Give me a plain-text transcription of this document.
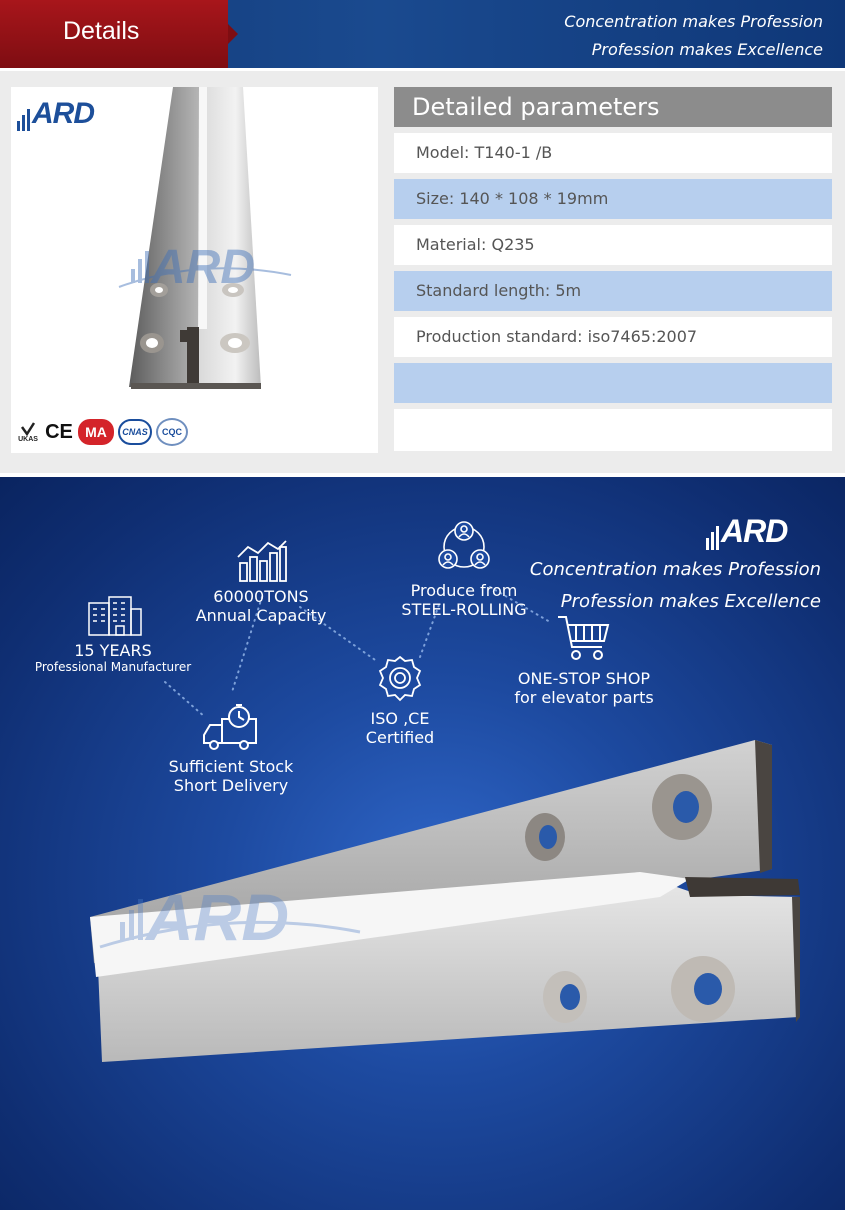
Details	Concentration makes Profession
Profession makes Excellence
ARD
ARD
UKAS CE MA	CNAS	CQC
Detailed parameters
Model: T140-1 /B
Size: 140 * 108 * 19mm
Material: Q235
Standard length: 5m
Production standard: iso7465:2007
ARD
Concentration makes Profession
Profession makes Excellence
15 YEARS
Professional Manufacturer
60000TONS
Annual Capacity
Produce from
STEEL-ROLLING
ONE-STOP SHOP
for elevator parts
ISO ,CE
Certified
Sufficient Stock
Short Delivery
ARD
